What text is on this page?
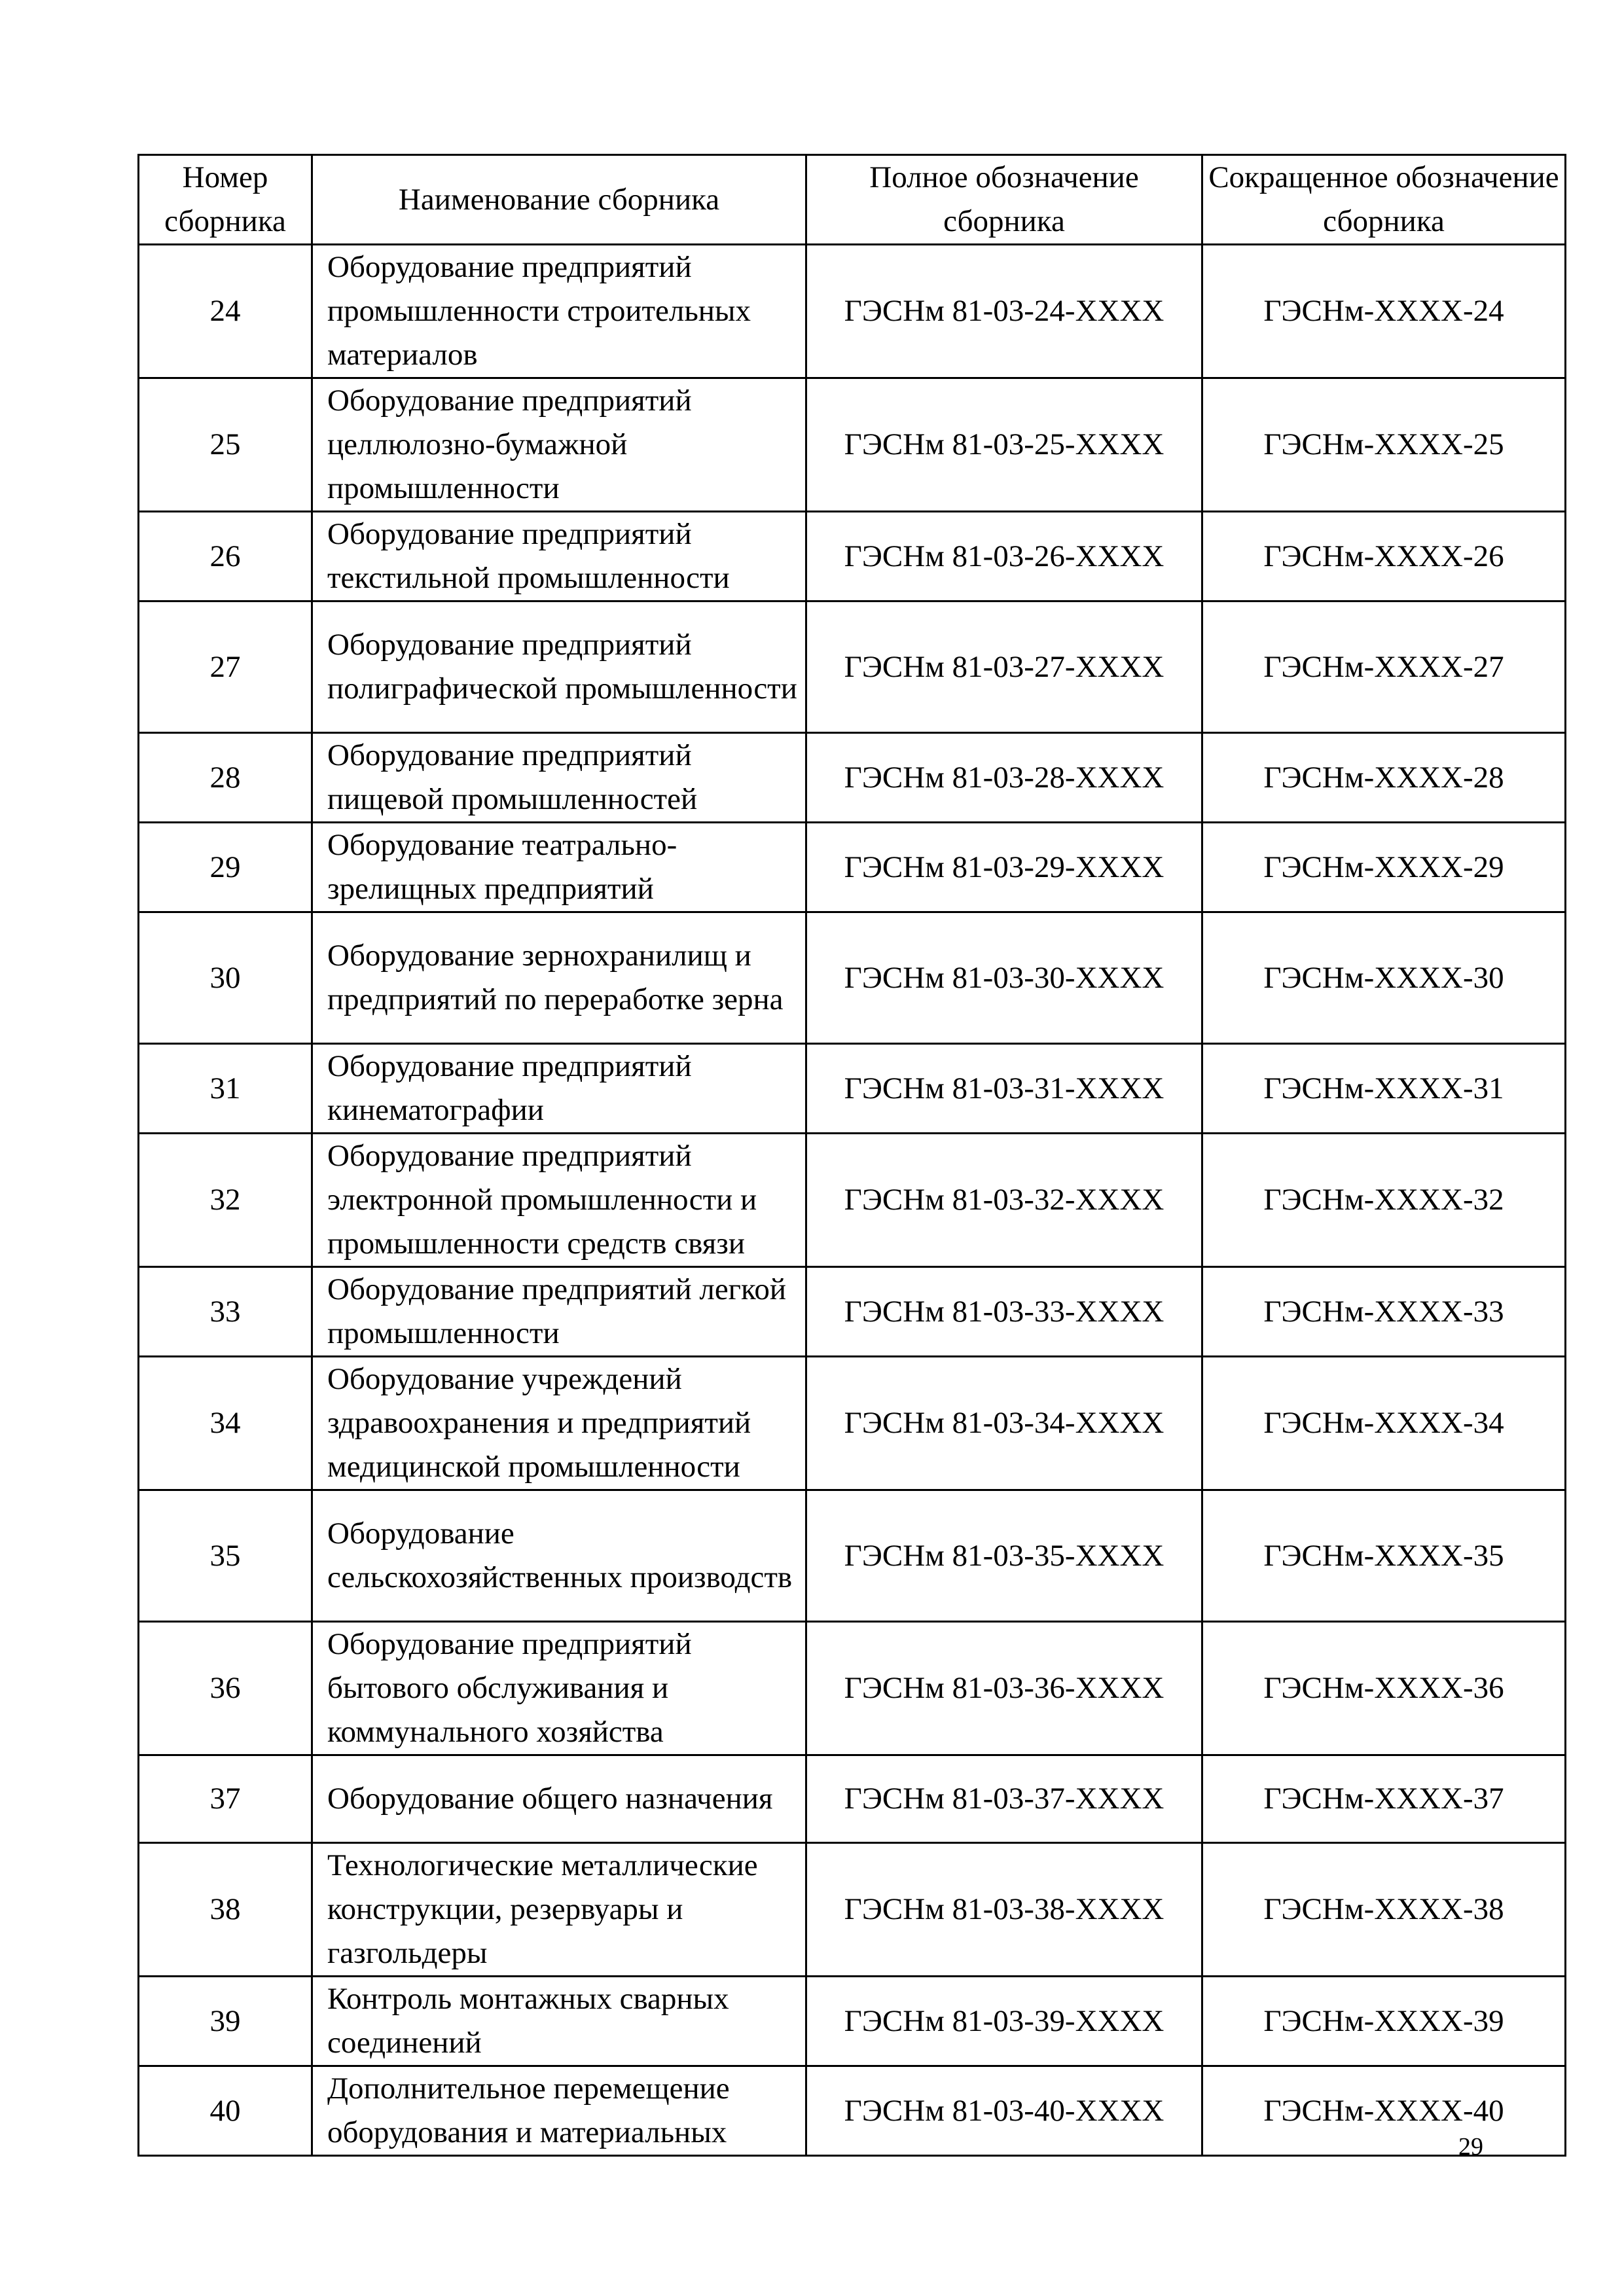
Номер сборника	Наименование сборника	Полное обозначение сборника	Сокращенное обозначение сборника
24	Оборудование предприятий промышленности строительных материалов	ГЭСНм 81-03-24-ХХХХ	ГЭСНм-ХХХХ-24
25	Оборудование предприятий целлюлозно-бумажной промышленности	ГЭСНм 81-03-25-ХХХХ	ГЭСНм-ХХХХ-25
26	Оборудование предприятий текстильной промышленности	ГЭСНм 81-03-26-ХХХХ	ГЭСНм-ХХХХ-26
27	Оборудование предприятий полиграфической промышленности	ГЭСНм 81-03-27-ХХХХ	ГЭСНм-ХХХХ-27
28	Оборудование предприятий пищевой промышленностей	ГЭСНм 81-03-28-ХХХХ	ГЭСНм-ХХХХ-28
29	Оборудование театрально-зрелищных предприятий	ГЭСНм 81-03-29-ХХХХ	ГЭСНм-ХХХХ-29
30	Оборудование зернохранилищ и предприятий по переработке зерна	ГЭСНм 81-03-30-ХХХХ	ГЭСНм-ХХХХ-30
31	Оборудование предприятий кинематографии	ГЭСНм 81-03-31-ХХХХ	ГЭСНм-ХХХХ-31
32	Оборудование предприятий электронной промышленности и промышленности средств связи	ГЭСНм 81-03-32-ХХХХ	ГЭСНм-ХХХХ-32
33	Оборудование предприятий легкой промышленности	ГЭСНм 81-03-33-ХХХХ	ГЭСНм-ХХХХ-33
34	Оборудование учреждений здравоохранения и предприятий медицинской промышленности	ГЭСНм 81-03-34-ХХХХ	ГЭСНм-ХХХХ-34
35	Оборудование сельскохозяйственных производств	ГЭСНм 81-03-35-ХХХХ	ГЭСНм-ХХХХ-35
36	Оборудование предприятий бытового обслуживания и коммунального хозяйства	ГЭСНм 81-03-36-ХХХХ	ГЭСНм-ХХХХ-36
37	Оборудование общего назначения	ГЭСНм 81-03-37-ХХХХ	ГЭСНм-ХХХХ-37
38	Технологические металлические конструкции, резервуары и газгольдеры	ГЭСНм 81-03-38-ХХХХ	ГЭСНм-ХХХХ-38
39	Контроль монтажных сварных соединений	ГЭСНм 81-03-39-ХХХХ	ГЭСНм-ХХХХ-39
40	Дополнительное перемещение оборудования и материальных	ГЭСНм 81-03-40-ХХХХ	ГЭСНм-ХХХХ-40
29
